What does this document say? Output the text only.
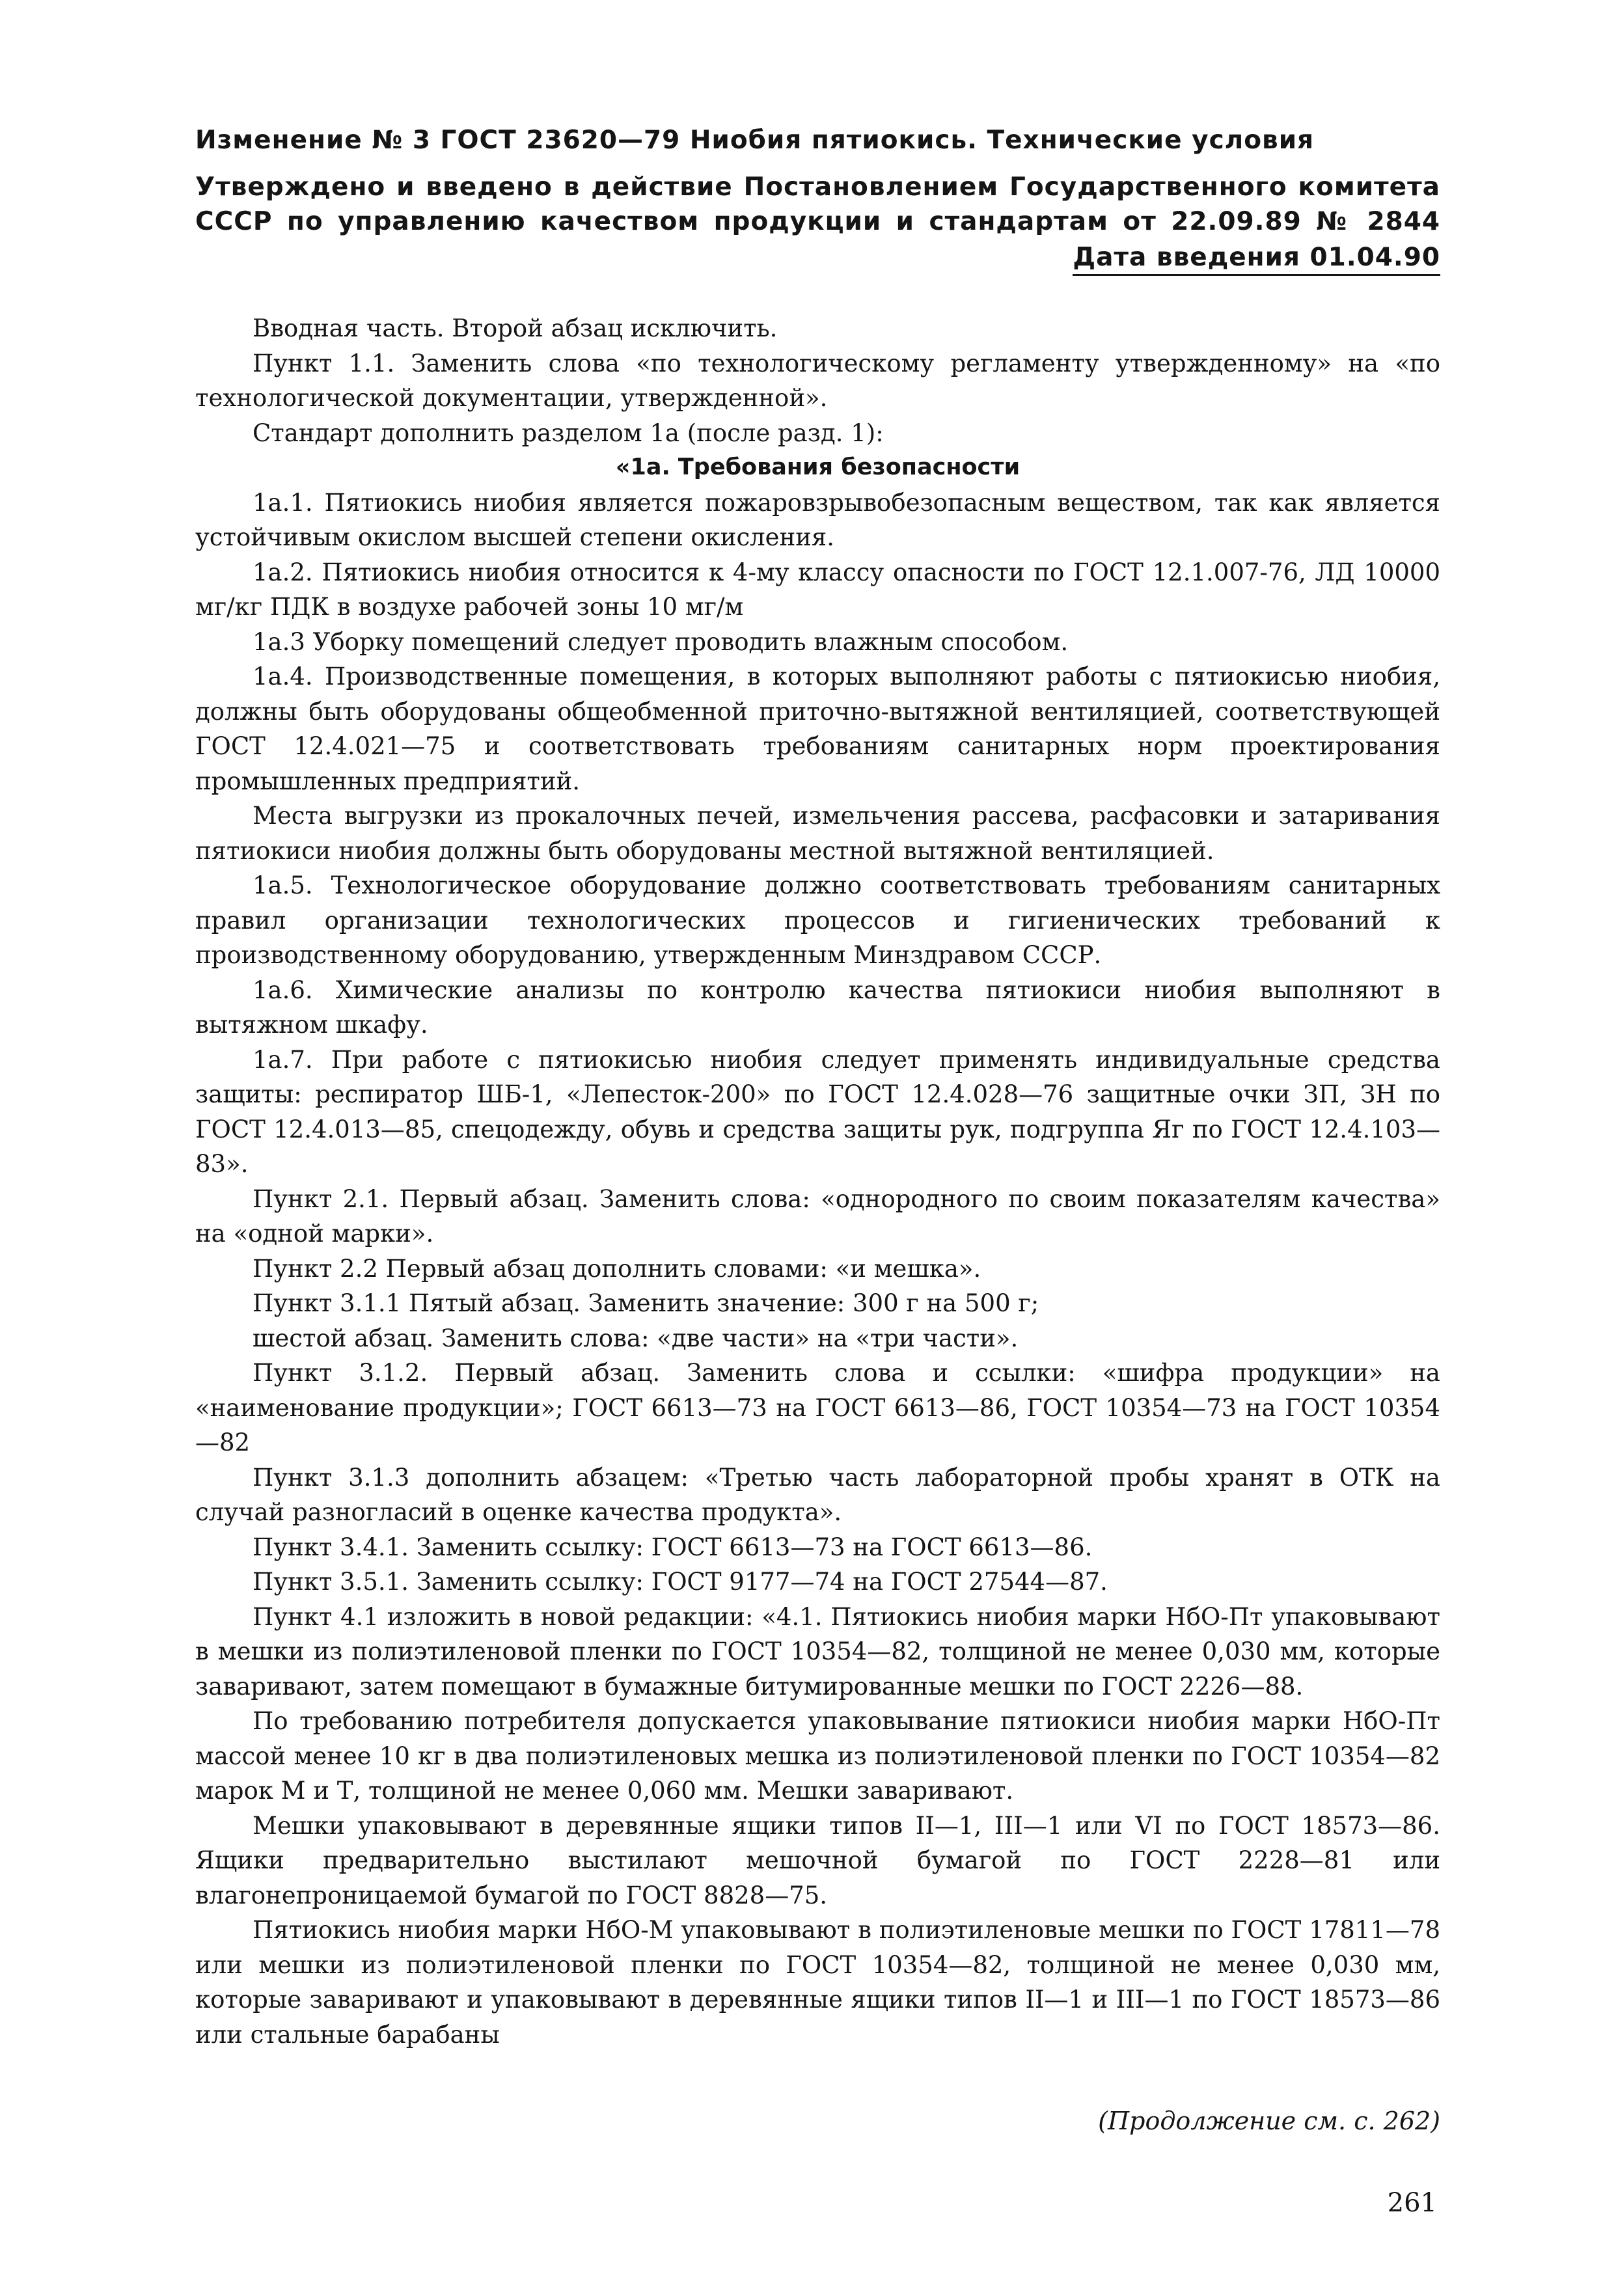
Изменение № 3 ГОСТ 23620—79 Ниобия пятиокись. Технические условия
Утверждено и введено в действие Постановлением Государственного комитета
СССР по управлению качеством продукции и стандартам от 22.09.89 № 2844
Дата введения 01.04.90

Вводная часть. Второй абзац исключить.

Пункт 1.1. Заменить слова «по технологическому регламенту утвержденному» на «по технологической документации, утвержденной».

Стандарт дополнить разделом 1а (после разд. 1):

«1а. Требования безопасности

1а.1. Пятиокись ниобия является пожаровзрывобезопасным веществом, так как является устойчивым окислом высшей степени окисления.

1а.2. Пятиокись ниобия относится к 4-му классу опасности по ГОСТ 12.1.007-76, ЛД 10000 мг/кг ПДК в воздухе рабочей зоны 10 мг/м

1а.3 Уборку помещений следует проводить влажным способом.

1а.4. Производственные помещения, в которых выполняют работы с пятиокисью ниобия, должны быть оборудованы общеобменной приточно-вытяжной вентиляцией, соответствующей ГОСТ 12.4.021—75 и соответствовать требованиям санитарных норм проектирования промышленных предприятий.

Места выгрузки из прокалочных печей, измельчения рассева, расфасовки и затаривания пятиокиси ниобия должны быть оборудованы местной вытяжной вентиляцией.

1а.5. Технологическое оборудование должно соответствовать требованиям санитарных правил организации технологических процессов и гигиенических требований к производственному оборудованию, утвержденным Минздравом СССР.

1а.6. Химические анализы по контролю качества пятиокиси ниобия выполняют в вытяжном шкафу.

1а.7. При работе с пятиокисью ниобия следует применять индивидуальные средства защиты: респиратор ШБ-1, «Лепесток-200» по ГОСТ 12.4.028—76 защитные очки ЗП, ЗН по ГОСТ 12.4.013—85, спецодежду, обувь и средства защиты рук, подгруппа Яг по ГОСТ 12.4.103—83».

Пункт 2.1. Первый абзац. Заменить слова: «однородного по своим показателям качества» на «одной марки».

Пункт 2.2 Первый абзац дополнить словами: «и мешка».

Пункт 3.1.1 Пятый абзац. Заменить значение: 300 г на 500 г;

шестой абзац. Заменить слова: «две части» на «три части».

Пункт 3.1.2. Первый абзац. Заменить слова и ссылки: «шифра продукции» на «наименование продукции»; ГОСТ 6613—73 на ГОСТ 6613—86, ГОСТ 10354—73 на ГОСТ 10354—82

Пункт 3.1.3 дополнить абзацем: «Третью часть лабораторной пробы хранят в ОТК на случай разногласий в оценке качества продукта».

Пункт 3.4.1. Заменить ссылку: ГОСТ 6613—73 на ГОСТ 6613—86.

Пункт 3.5.1. Заменить ссылку: ГОСТ 9177—74 на ГОСТ 27544—87.

Пункт 4.1 изложить в новой редакции: «4.1. Пятиокись ниобия марки НбО-Пт упаковывают в мешки из полиэтиленовой пленки по ГОСТ 10354—82, толщиной не менее 0,030 мм, которые заваривают, затем помещают в бумажные битумированные мешки по ГОСТ 2226—88.

По требованию потребителя допускается упаковывание пятиокиси ниобия марки НбО-Пт массой менее 10 кг в два полиэтиленовых мешка из полиэтиленовой пленки по ГОСТ 10354—82 марок М и Т, толщиной не менее 0,060 мм. Мешки заваривают.

Мешки упаковывают в деревянные ящики типов II—1, III—1 или VI по ГОСТ 18573—86. Ящики предварительно выстилают мешочной бумагой по ГОСТ 2228—81 или влагонепроницаемой бумагой по ГОСТ 8828—75.

Пятиокись ниобия марки НбО-М упаковывают в полиэтиленовые мешки по ГОСТ 17811—78 или мешки из полиэтиленовой пленки по ГОСТ 10354—82, толщиной не менее 0,030 мм, которые заваривают и упаковывают в деревянные ящики типов II—1 и III—1 по ГОСТ 18573—86 или стальные барабаны

(Продолжение см. с. 262)
261
